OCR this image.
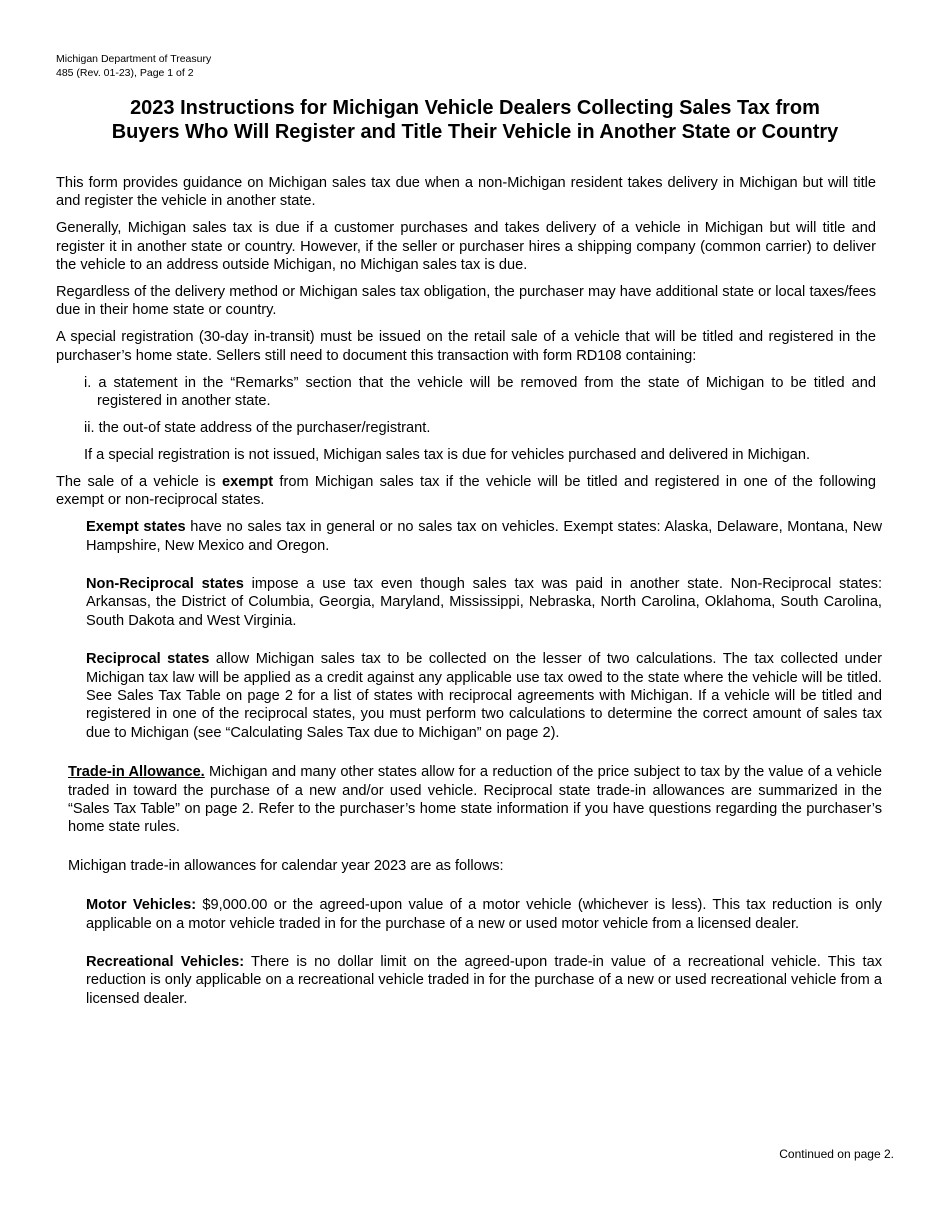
Michigan Department of Treasury
485 (Rev. 01-23), Page 1 of 2
2023 Instructions for Michigan Vehicle Dealers Collecting Sales Tax from
Buyers Who Will Register and Title Their Vehicle in Another State or Country

This form provides guidance on Michigan sales tax due when a non-Michigan resident takes delivery in Michigan but will title and register the vehicle in another state.

Generally, Michigan sales tax is due if a customer purchases and takes delivery of a vehicle in Michigan but will title and register it in another state or country. However, if the seller or purchaser hires a shipping company (common carrier) to deliver the vehicle to an address outside Michigan, no Michigan sales tax is due.

Regardless of the delivery method or Michigan sales tax obligation, the purchaser may have additional state or local taxes/fees due in their home state or country.

A special registration (30-day in-transit) must be issued on the retail sale of a vehicle that will be titled and registered in the purchaser’s home state. Sellers still need to document this transaction with form RD108 containing:

i. a statement in the “Remarks” section that the vehicle will be removed from the state of Michigan to be titled and registered in another state.

ii. the out-of state address of the purchaser/registrant.

If a special registration is not issued, Michigan sales tax is due for vehicles purchased and delivered in Michigan.

The sale of a vehicle is exempt from Michigan sales tax if the vehicle will be titled and registered in one of the following exempt or non-reciprocal states.

Exempt states have no sales tax in general or no sales tax on vehicles. Exempt states: Alaska, Delaware, Montana, New Hampshire, New Mexico and Oregon.

Non-Reciprocal states impose a use tax even though sales tax was paid in another state. Non-Reciprocal states: Arkansas, the District of Columbia, Georgia, Maryland, Mississippi, Nebraska, North Carolina, Oklahoma, South Carolina, South Dakota and West Virginia.

Reciprocal states allow Michigan sales tax to be collected on the lesser of two calculations. The tax collected under Michigan tax law will be applied as a credit against any applicable use tax owed to the state where the vehicle will be titled. See Sales Tax Table on page 2 for a list of states with reciprocal agreements with Michigan. If a vehicle will be titled and registered in one of the reciprocal states, you must perform two calculations to determine the correct amount of sales tax due to Michigan (see “Calculating Sales Tax due to Michigan” on page 2).

Trade-in Allowance. Michigan and many other states allow for a reduction of the price subject to tax by the value of a vehicle traded in toward the purchase of a new and/or used vehicle. Reciprocal state trade-in allowances are summarized in the “Sales Tax Table” on page 2. Refer to the purchaser’s home state information if you have questions regarding the purchaser’s home state rules.

Michigan trade-in allowances for calendar year 2023 are as follows:

Motor Vehicles: $9,000.00 or the agreed-upon value of a motor vehicle (whichever is less). This tax reduction is only applicable on a motor vehicle traded in for the purchase of a new or used motor vehicle from a licensed dealer.

Recreational Vehicles: There is no dollar limit on the agreed-upon trade-in value of a recreational vehicle. This tax reduction is only applicable on a recreational vehicle traded in for the purchase of a new or used recreational vehicle from a licensed dealer.

Continued on page 2.
